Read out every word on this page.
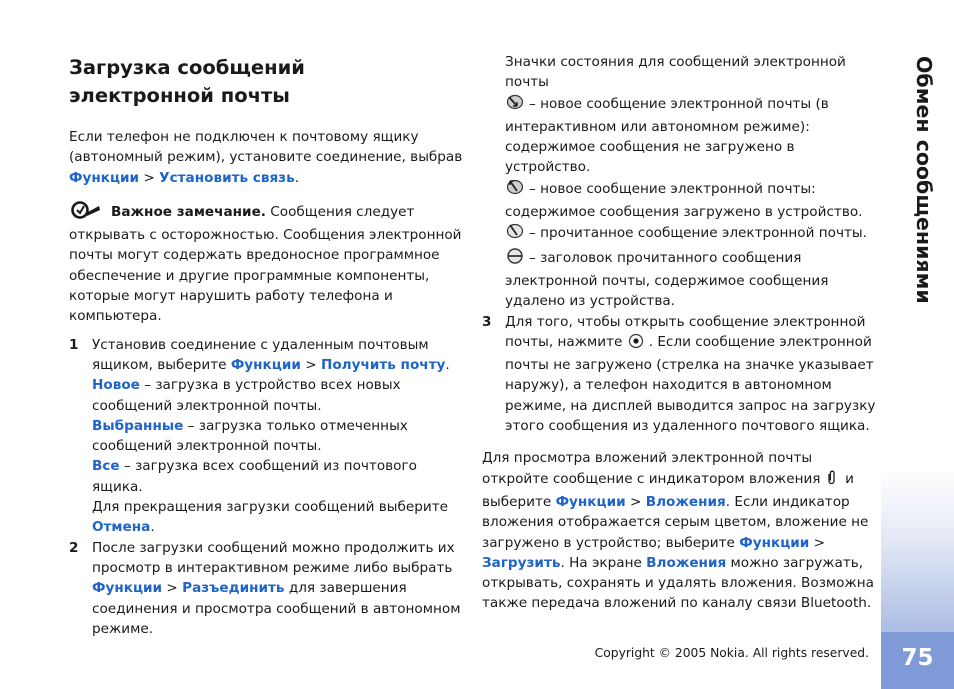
Обмен сообщениями
75
Загрузка сообщений
электронной почты

Если телефон не подключен к почтовому ящику (автономный режим), установите соединение, выбрав Функции > Установить связь.

Важное замечание. Сообщения следует открывать с осторожностью. Сообщения электронной почты могут содержать вредоносное программное обеспечение и другие программные компоненты, которые могут нарушить работу телефона и компьютера.

1 Установив соединение с удаленным почтовым ящиком, выберите Функции > Получить почту.
Новое – загрузка в устройство всех новых сообщений электронной почты.
Выбранные – загрузка только отмеченных сообщений электронной почты.
Все – загрузка всех сообщений из почтового ящика.
Для прекращения загрузки сообщений выберите Отмена.
2 После загрузки сообщений можно продолжить их просмотр в интерактивном режиме либо выбрать Функции > Разъединить для завершения соединения и просмотра сообщений в автономном режиме.
Значки состояния для сообщений электронной почты
– новое сообщение электронной почты (в интерактивном или автономном режиме): содержимое сообщения не загружено в устройство.
– новое сообщение электронной почты: содержимое сообщения загружено в устройство.
– прочитанное сообщение электронной почты.
– заголовок прочитанного сообщения электронной почты, содержимое сообщения удалено из устройства.
3 Для того, чтобы открыть сообщение электронной почты, нажмите . Если сообщение электронной почты не загружено (стрелка на значке указывает наружу), а телефон находится в автономном режиме, на дисплей выводится запрос на загрузку этого сообщения из удаленного почтового ящика.

Для просмотра вложений электронной почты откройте сообщение с индикатором вложения  и выберите Функции > Вложения. Если индикатор вложения отображается серым цветом, вложение не загружено в устройство; выберите Функции > Загрузить. На экране Вложения можно загружать, открывать, сохранять и удалять вложения. Возможна также передача вложений по каналу связи Bluetooth.

Copyright © 2005 Nokia. All rights reserved.
